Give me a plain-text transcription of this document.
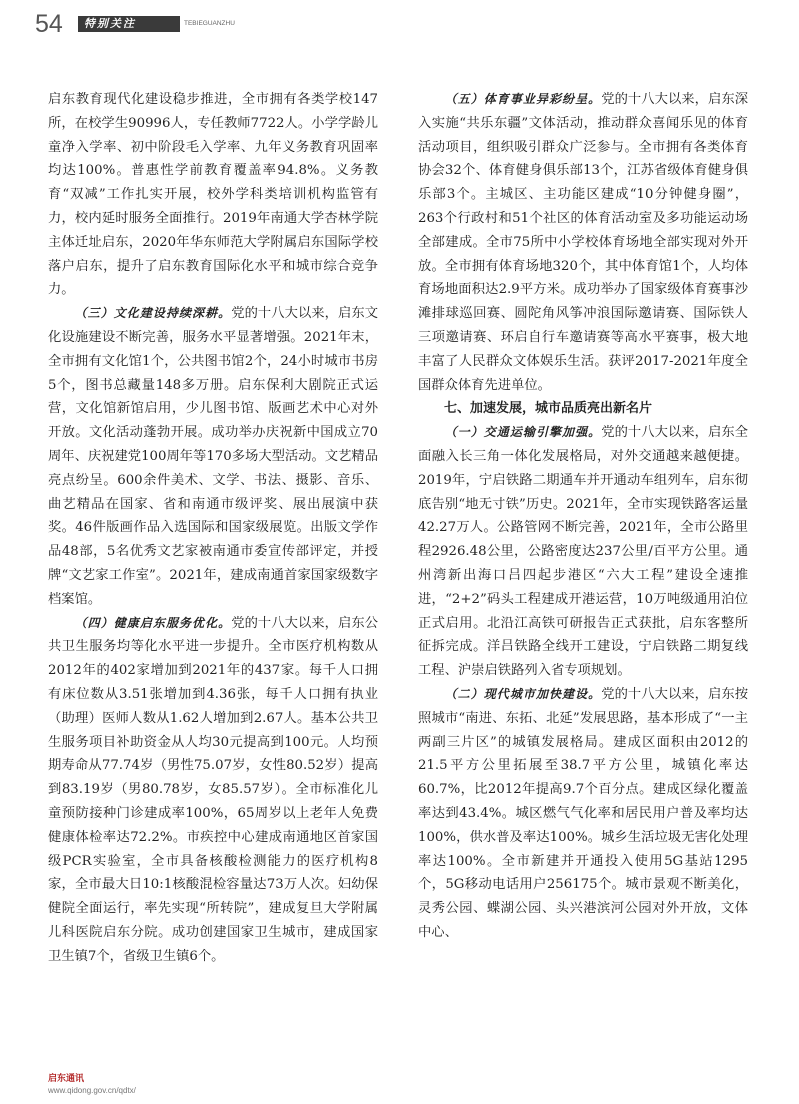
54 特别关注	TEBIEGUANZHU

启东教育现代化建设稳步推进，全市拥有各类学校147所，在校学生90996人，专任教师7722人。小学学龄儿童净入学率、初中阶段毛入学率、九年义务教育巩固率均达100%。普惠性学前教育覆盖率94.8%。义务教育“双减”工作扎实开展，校外学科类培训机构监管有力，校内延时服务全面推行。2019年南通大学杏林学院主体迁址启东，2020年华东师范大学附属启东国际学校落户启东，提升了启东教育国际化水平和城市综合竞争力。

（三）文化建设持续深耕。党的十八大以来，启东文化设施建设不断完善，服务水平显著增强。2021年末，全市拥有文化馆1个，公共图书馆2个，24小时城市书房5个，图书总藏量148多万册。启东保利大剧院正式运营，文化馆新馆启用，少儿图书馆、版画艺术中心对外开放。文化活动蓬勃开展。成功举办庆祝新中国成立70周年、庆祝建党100周年等170多场大型活动。文艺精品亮点纷呈。600余件美术、文学、书法、摄影、音乐、曲艺精品在国家、省和南通市级评奖、展出展演中获奖。46件版画作品入选国际和国家级展览。出版文学作品48部，5名优秀文艺家被南通市委宣传部评定，并授牌“文艺家工作室”。2021年，建成南通首家国家级数字档案馆。

（四）健康启东服务优化。党的十八大以来，启东公共卫生服务均等化水平进一步提升。全市医疗机构数从2012年的402家增加到2021年的437家。每千人口拥有床位数从3.51张增加到4.36张，每千人口拥有执业（助理）医师人数从1.62人增加到2.67人。基本公共卫生服务项目补助资金从人均30元提高到100元。人均预期寿命从77.74岁（男性75.07岁，女性80.52岁）提高到83.19岁（男80.78岁，女85.57岁）。全市标准化儿童预防接种门诊建成率100%，65周岁以上老年人免费健康体检率达72.2%。市疾控中心建成南通地区首家国级PCR实验室，全市具备核酸检测能力的医疗机构8家，全市最大日10:1核酸混检容量达73万人次。妇幼保健院全面运行，率先实现“所转院”，建成复旦大学附属儿科医院启东分院。成功创建国家卫生城市，建成国家卫生镇7个，省级卫生镇6个。

（五）体育事业异彩纷呈。党的十八大以来，启东深入实施“共乐东疆”文体活动，推动群众喜闻乐见的体育活动项目，组织吸引群众广泛参与。全市拥有各类体育协会32个、体育健身俱乐部13个，江苏省级体育健身俱乐部3个。主城区、主功能区建成“10分钟健身圈”，263个行政村和51个社区的体育活动室及多功能运动场全部建成。全市75所中小学校体育场地全部实现对外开放。全市拥有体育场地320个，其中体育馆1个，人均体育场地面积达2.9平方米。成功举办了国家级体育赛事沙滩排球巡回赛、圆陀角风筝冲浪国际邀请赛、国际铁人三项邀请赛、环启自行车邀请赛等高水平赛事，极大地丰富了人民群众文体娱乐生活。获评2017-2021年度全国群众体育先进单位。

七、加速发展，城市品质亮出新名片

（一）交通运输引擎加强。党的十八大以来，启东全面融入长三角一体化发展格局，对外交通越来越便捷。2019年，宁启铁路二期通车并开通动车组列车，启东彻底告别“地无寸铁”历史。2021年，全市实现铁路客运量42.27万人。公路管网不断完善，2021年，全市公路里程2926.48公里，公路密度达237公里/百平方公里。通州湾新出海口吕四起步港区“六大工程”建设全速推进，“2+2”码头工程建成开港运营，10万吨级通用泊位正式启用。北沿江高铁可研报告正式获批，启东客整所征拆完成。洋吕铁路全线开工建设，宁启铁路二期复线工程、沪崇启铁路列入省专项规划。

（二）现代城市加快建设。党的十八大以来，启东按照城市“南进、东拓、北延”发展思路，基本形成了“一主两副三片区”的城镇发展格局。建成区面积由2012的21.5平方公里拓展至38.7平方公里，城镇化率达60.7%，比2012年提高9.7个百分点。建成区绿化覆盖率达到43.4%。城区燃气气化率和居民用户普及率均达100%，供水普及率达100%。城乡生活垃圾无害化处理率达100%。全市新建并开通投入使用5G基站1295个，5G移动电话用户256175个。城市景观不断美化，灵秀公园、蝶湖公园、头兴港滨河公园对外开放，文体中心、

启东通讯
www.qidong.gov.cn/qdtx/
